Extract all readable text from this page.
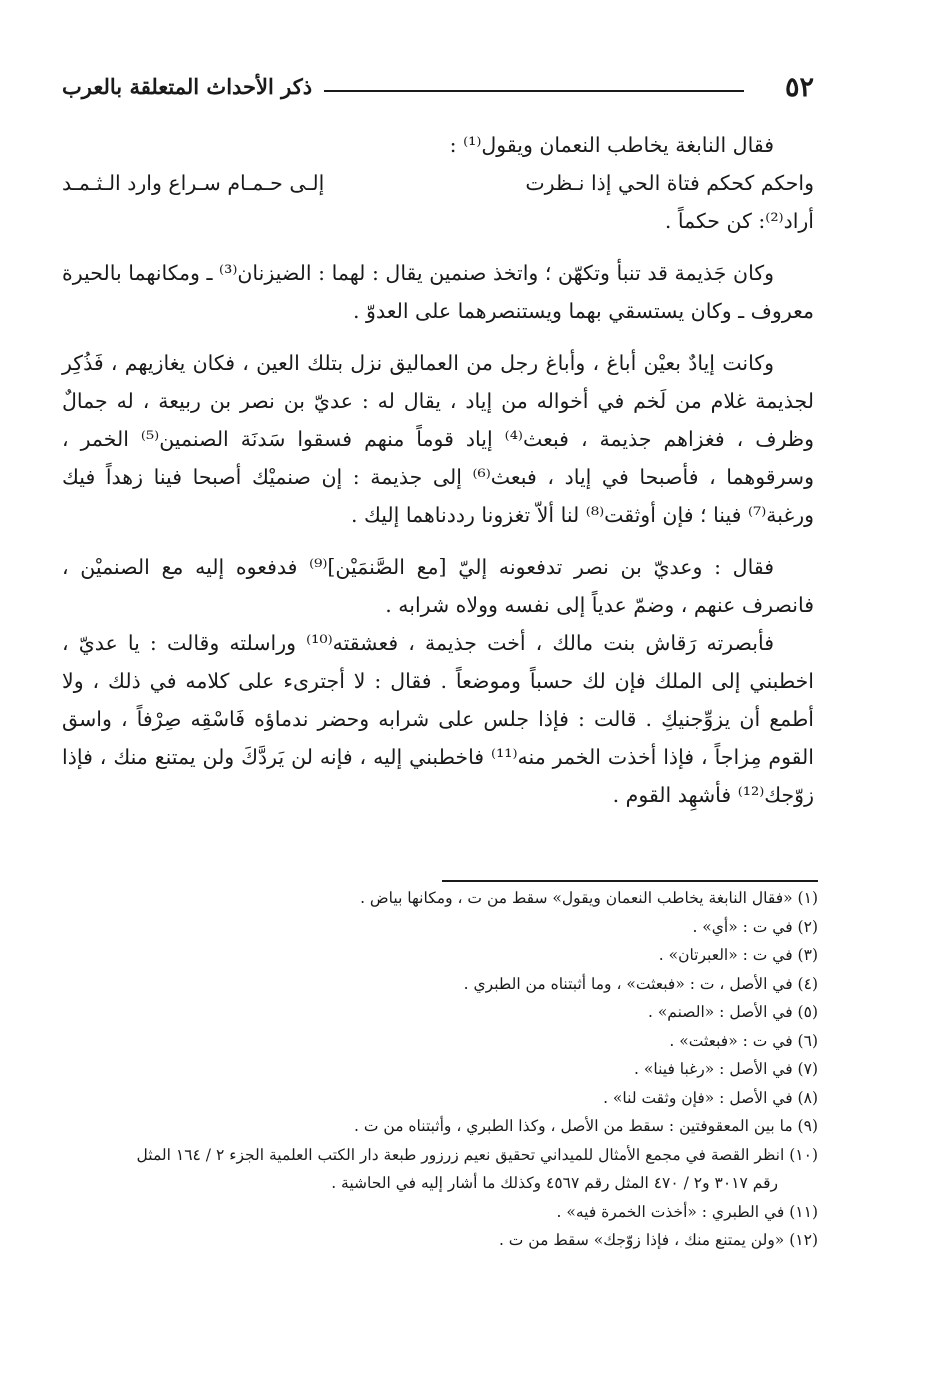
٥٢
ذكر الأحداث المتعلقة بالعرب

فقال النابغة يخاطب النعمان ويقول⁽¹⁾ :

واحكم كحكم فتاة الحي إذا نـظرت
إلـى حـمـام سـراع وارد الـثـمـد

أراد⁽²⁾: كن حكماً .

وكان جَذيمة قد تنبأ وتكهّن ؛ واتخذ صنمين يقال : لهما : الضيزنان⁽³⁾ ـ ومكانهما بالحيرة معروف ـ وكان يستسقي بهما ويستنصرهما على العدوّ .

وكانت إيادٌ بعيْن أباغ ، وأباغ رجل من العماليق نزل بتلك العين ، فكان يغازيهم ، فَذُكِر لجذيمة غلام من لَخم في أخواله من إياد ، يقال له : عديّ بن نصر بن ربيعة ، له جمالٌ وظرف ، فغزاهم جذيمة ، فبعث⁽⁴⁾ إياد قوماً منهم فسقوا سَدنَة الصنمين⁽⁵⁾ الخمر ، وسرقوهما ، فأصبحا في إياد ، فبعث⁽⁶⁾ إلى جذيمة : إن صنميْك أصبحا فينا زهداً فيك ورغبة⁽⁷⁾ فينا ؛ فإن أوثقت⁽⁸⁾ لنا ألاّ تغزونا رددناهما إليك .

فقال : وعديّ بن نصر تدفعونه إليّ [مع الصَّنمَيْن]⁽⁹⁾ فدفعوه إليه مع الصنميْن ، فانصرف عنهم ، وضمّ عدياً إلى نفسه وولاه شرابه .

فأبصرته رَقاش بنت مالك ، أخت جذيمة ، فعشقته⁽¹⁰⁾ وراسلته وقالت : يا عديّ ، اخطبني إلى الملك فإن لك حسباً وموضعاً . فقال : لا أجترىء على كلامه في ذلك ، ولا أطمع أن يزوِّجنيكِ . قالت : فإذا جلس على شرابه وحضر ندماؤه فَاسْقِه صِرْفاً ، واسق القوم مِزاجاً ، فإذا أخذت الخمر منه⁽¹¹⁾ فاخطبني إليه ، فإنه لن يَردَّكَ ولن يمتنع منك ، فإذا زوّجك⁽¹²⁾ فأشهِد القوم .

(١) «فقال النابغة يخاطب النعمان ويقول» سقط من ت ، ومكانها بياض .

(٢) في ت : «أي» .

(٣) في ت : «العبرتان» .

(٤) في الأصل ، ت : «فبعثت» ، وما أثبتناه من الطبري .

(٥) في الأصل : «الصنم» .

(٦) في ت : «فبعثت» .

(٧) في الأصل : «رغبا فينا» .

(٨) في الأصل : «فإن وثقت لنا» .

(٩) ما بين المعقوفتين : سقط من الأصل ، وكذا الطبري ، وأثبتناه من ت .

(١٠) انظر القصة في مجمع الأمثال للميداني تحقيق نعيم زرزور طبعة دار الكتب العلمية الجزء ٢ / ١٦٤ المثل

رقم ٣٠١٧ و٢ / ٤٧٠ المثل رقم ٤٥٦٧ وكذلك ما أشار إليه في الحاشية .

(١١) في الطبري : «أخذت الخمرة فيه» .

(١٢) «ولن يمتنع منك ، فإذا زوّجك» سقط من ت .
